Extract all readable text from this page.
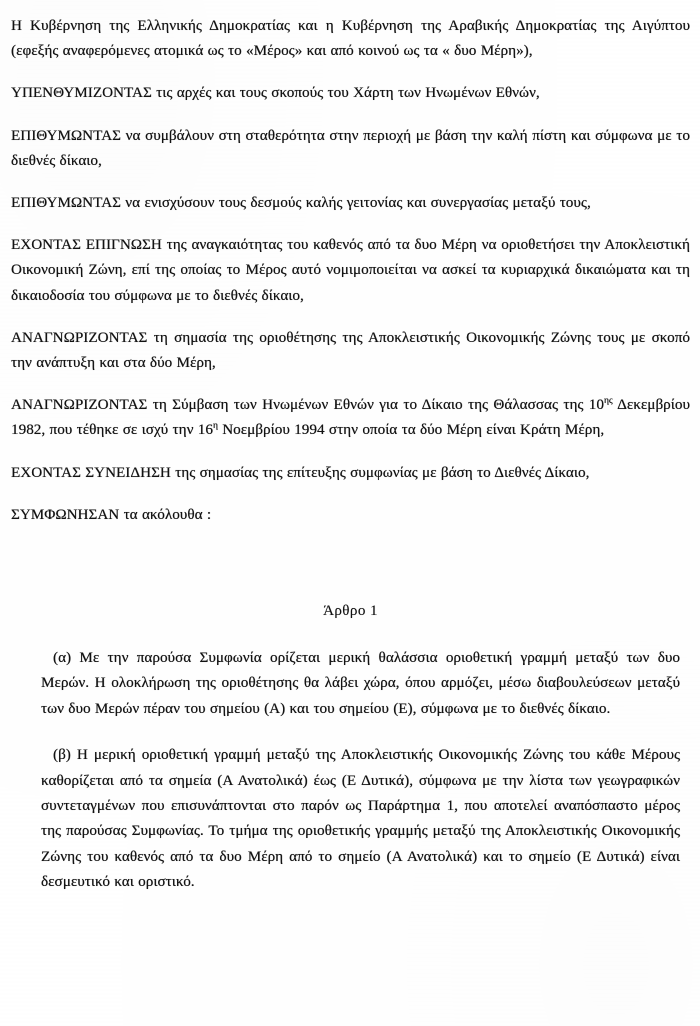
Η Κυβέρνηση της Ελληνικής Δημοκρατίας και η Κυβέρνηση της Αραβικής Δημοκρατίας της Αιγύπτου (εφεξής αναφερόμενες ατομικά ως το «Μέρος» και από κοινού ως τα « δυο Μέρη»),

ΥΠΕΝΘΥΜΙΖΟΝΤΑΣ τις αρχές και τους σκοπούς του Χάρτη των Ηνωμένων Εθνών,

ΕΠΙΘΥΜΩΝΤΑΣ να συμβάλουν στη σταθερότητα στην περιοχή με βάση την καλή πίστη και σύμφωνα με το διεθνές δίκαιο,

ΕΠΙΘΥΜΩΝΤΑΣ να ενισχύσουν τους δεσμούς καλής γειτονίας και συνεργασίας μεταξύ τους,

ΕΧΟΝΤΑΣ ΕΠΙΓΝΩΣΗ της αναγκαιότητας του καθενός από τα δυο Μέρη να οριοθετήσει την Αποκλειστική Οικονομική Ζώνη, επί της οποίας το Μέρος αυτό νομιμοποιείται να ασκεί τα κυριαρχικά δικαιώματα και τη δικαιοδοσία του σύμφωνα με το διεθνές δίκαιο,

ΑΝΑΓΝΩΡΙΖΟΝΤΑΣ τη σημασία της οριοθέτησης της Αποκλειστικής Οικονομικής Ζώνης τους με σκοπό την ανάπτυξη και στα δύο Μέρη,

ΑΝΑΓΝΩΡΙΖΟΝΤΑΣ τη Σύμβαση των Ηνωμένων Εθνών για το Δίκαιο της Θάλασσας της $10^{\eta\varsigma}$ Δεκεμβρίου 1982, που τέθηκε σε ισχύ την $16^\eta$ Νοεμβρίου 1994 στην οποία τα δύο Μέρη είναι Κράτη Μέρη,

ΕΧΟΝΤΑΣ ΣΥΝΕΙΔΗΣΗ της σημασίας της επίτευξης συμφωνίας με βάση το Διεθνές Δίκαιο,

ΣΥΜΦΩΝΗΣΑΝ τα ακόλουθα :

Άρθρο 1

(α) Με την παρούσα Συμφωνία ορίζεται μερική θαλάσσια οριοθετική γραμμή μεταξύ των δυο Μερών. Η ολοκλήρωση της οριοθέτησης θα λάβει χώρα, όπου αρμόζει, μέσω διαβουλεύσεων μεταξύ των δυο Μερών πέραν του σημείου (Α) και του σημείου (Ε), σύμφωνα με το διεθνές δίκαιο.

(β) Η μερική οριοθετική γραμμή μεταξύ της Αποκλειστικής Οικονομικής Ζώνης του κάθε Μέρους καθορίζεται από τα σημεία (Α Ανατολικά) έως (Ε Δυτικά), σύμφωνα με την λίστα των γεωγραφικών συντεταγμένων που επισυνάπτονται στο παρόν ως Παράρτημα 1, που αποτελεί αναπόσπαστο μέρος της παρούσας Συμφωνίας. Το τμήμα της οριοθετικής γραμμής μεταξύ της Αποκλειστικής Οικονομικής Ζώνης του καθενός από τα δυο Μέρη από το σημείο (Α Ανατολικά) και το σημείο (Ε Δυτικά) είναι δεσμευτικό και οριστικό.
